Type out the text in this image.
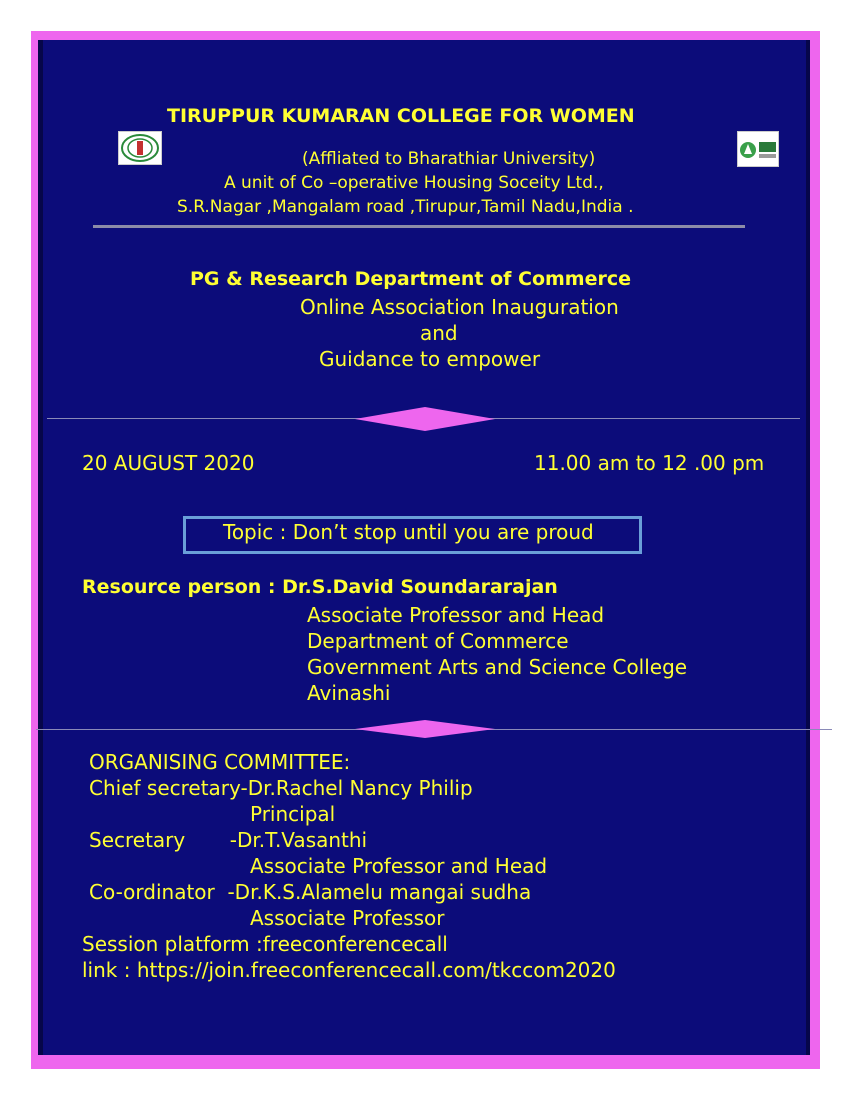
TIRUPPUR KUMARAN COLLEGE FOR WOMEN
(Affliated to Bharathiar University)
A unit of Co –operative Housing Soceity Ltd.,
S.R.Nagar ,Mangalam road ,Tirupur,Tamil Nadu,India .
PG & Research Department of Commerce
Online Association Inauguration
and
Guidance to empower
20 AUGUST 2020	11.00 am to 12 .00 pm
Topic : Don’t stop until you are proud
Resource person : Dr.S.David Soundararajan
Associate Professor and Head
Department of Commerce
Government Arts and Science College
Avinashi
ORGANISING COMMITTEE:
Chief secretary-Dr.Rachel Nancy Philip
Principal
Secretary       -Dr.T.Vasanthi
Associate Professor and Head
Co-ordinator  -Dr.K.S.Alamelu mangai sudha
Associate Professor
Session platform :freeconferencecall
link : https://join.freeconferencecall.com/tkccom2020
